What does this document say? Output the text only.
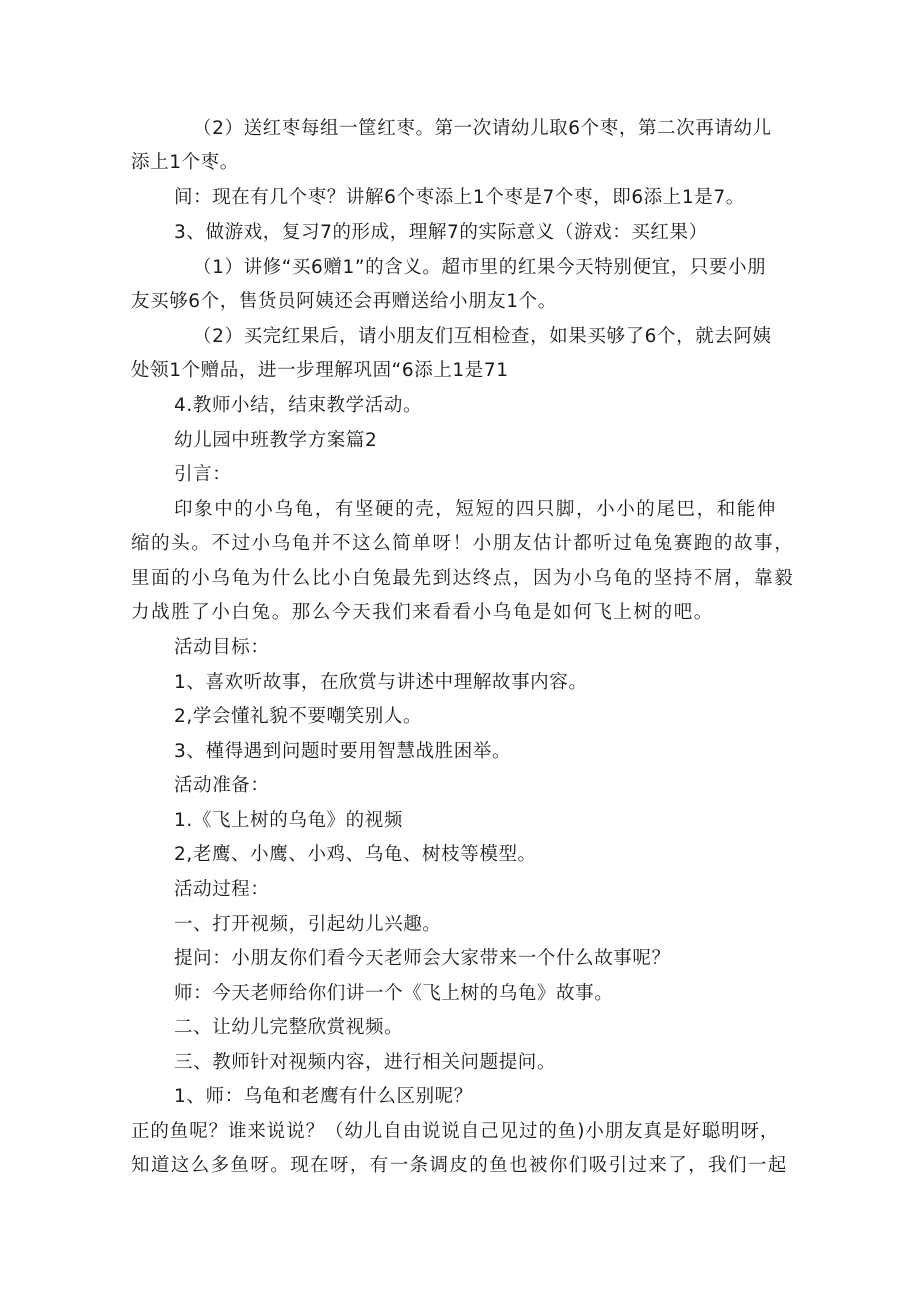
（2）送红枣每组一筐红枣。第一次请幼儿取6个枣，第二次再请幼儿
添上1个枣。
间：现在有几个枣？讲解6个枣添上1个枣是7个枣，即6添上1是7。
3、做游戏，复习7的形成，理解7的实际意义（游戏：买红果）
（1）讲修“买6赠1”的含义。超市里的红果今天特别便宜，只要小朋
友买够6个，售货员阿姨还会再赠送给小朋友1个。
（2）买完红果后，请小朋友们互相检查，如果买够了6个，就去阿姨
处领1个赠品，进一步理解巩固“6添上1是71
4.教师小结，结束教学活动。
幼儿园中班教学方案篇2
引言：
印象中的小乌龟，有坚硬的壳，短短的四只脚，小小的尾巴，和能伸
缩的头。不过小乌龟并不这么简单呀！小朋友估计都听过龟兔赛跑的故事，
里面的小乌龟为什么比小白兔最先到达终点，因为小乌龟的坚持不屑，靠毅
力战胜了小白兔。那么今天我们来看看小乌龟是如何飞上树的吧。
活动目标：
1、喜欢听故事，在欣赏与讲述中理解故事内容。
2,学会懂礼貌不要嘲笑别人。
3、槿得遇到问题时要用智慧战胜困举。
活动准备：
1.《飞上树的乌龟》的视频
2,老鹰、小鹰、小鸡、乌龟、树枝等模型。
活动过程：
一、打开视频，引起幼儿兴趣。
提问：小朋友你们看今天老师会大家带来一个什么故事呢？
师：今天老师给你们讲一个《飞上树的乌龟》故事。
二、让幼儿完整欣赏视频。
三、教师针对视频内容，进行相关问题提问。
1、师：乌龟和老鹰有什么区别呢？
正的鱼呢？谁来说说？（幼儿自由说说自己见过的鱼)小朋友真是好聪明呀，
知道这么多鱼呀。现在呀，有一条调皮的鱼也被你们吸引过来了，我们一起
